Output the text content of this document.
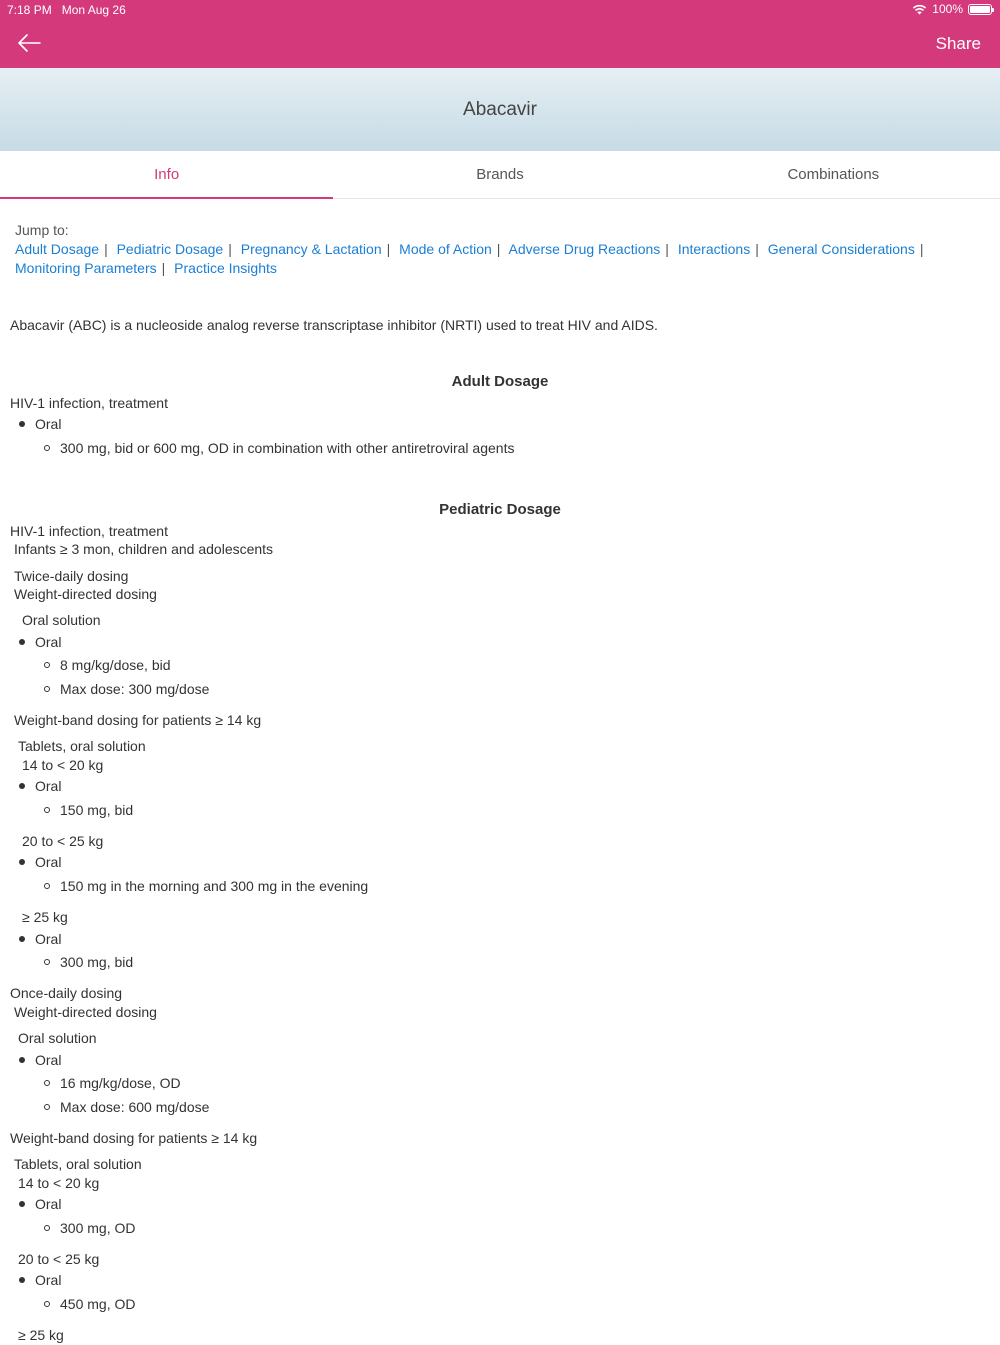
7:18 PM Mon Aug 26	100%
Share
Abacavir
Info	Brands	Combinations
Jump to:
Adult Dosage | Pediatric Dosage | Pregnancy & Lactation | Mode of Action | Adverse Drug Reactions | Interactions | General Considerations | Monitoring Parameters | Practice Insights
Abacavir (ABC) is a nucleoside analog reverse transcriptase inhibitor (NRTI) used to treat HIV and AIDS.
Adult Dosage
HIV-1 infection, treatment
Oral
300 mg, bid or 600 mg, OD in combination with other antiretroviral agents
Pediatric Dosage
HIV-1 infection, treatment
Infants ≥ 3 mon, children and adolescents
Twice-daily dosing
Weight-directed dosing
Oral solution
Oral
8 mg/kg/dose, bid
Max dose: 300 mg/dose
Weight-band dosing for patients ≥ 14 kg
Tablets, oral solution
14 to < 20 kg
Oral
150 mg, bid
20 to < 25 kg
Oral
150 mg in the morning and 300 mg in the evening
≥ 25 kg
Oral
300 mg, bid
Once-daily dosing
Weight-directed dosing
Oral solution
Oral
16 mg/kg/dose, OD
Max dose: 600 mg/dose
Weight-band dosing for patients ≥ 14 kg
Tablets, oral solution
14 to < 20 kg
Oral
300 mg, OD
20 to < 25 kg
Oral
450 mg, OD
≥ 25 kg
